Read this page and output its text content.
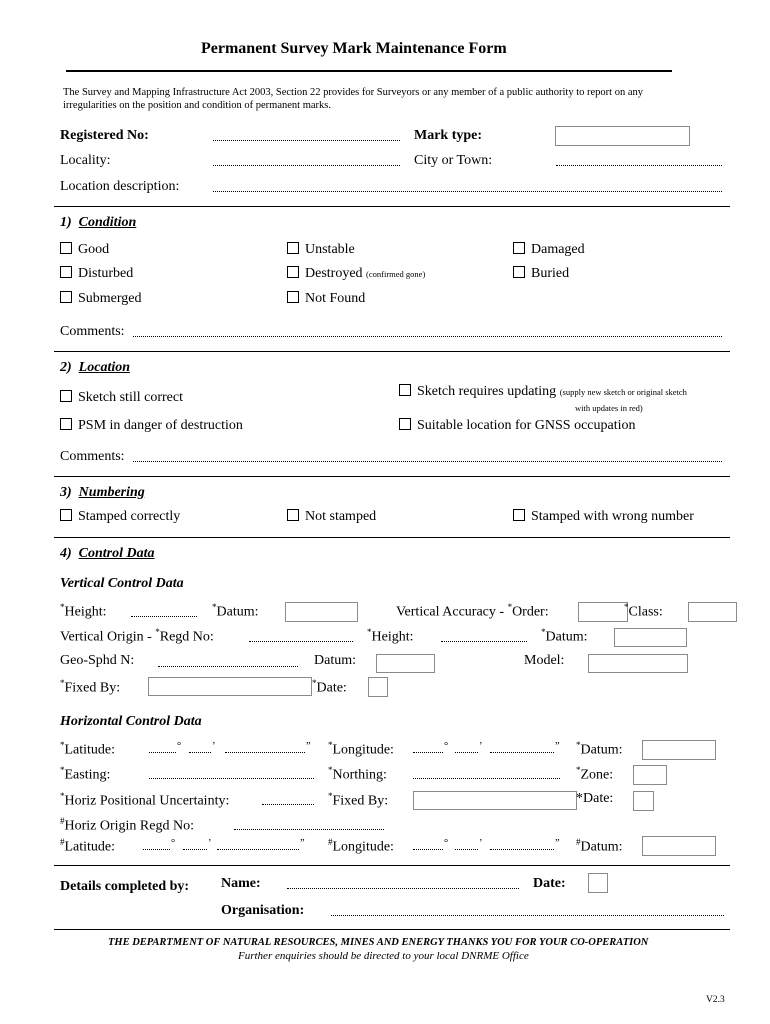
Permanent Survey Mark Maintenance Form
The Survey and Mapping Infrastructure Act 2003, Section 22 provides for Surveyors or any member of a public authority to report on any
irregularities on the position and condition of permanent marks.
Registered No:	Mark type:
Locality:	City or Town:
Location description:
1) Condition
Good	Unstable	Damaged
Disturbed	Destroyed (confirmed gone)	Buried
Submerged	Not Found
Comments:
2) Location
Sketch still correct	Sketch requires updating (supply new sketch or original sketch
with updates in red)
PSM in danger of destruction	Suitable location for GNSS occupation
Comments:
3) Numbering
Stamped correctly	Not stamped	Stamped with wrong number
4) Control Data
Vertical Control Data
*Height:	*Datum:	Vertical Accuracy - *Order:	*Class:
Vertical Origin - *Regd No:	*Height:	*Datum:
Geo-Sphd N:	Datum:	Model:
*Fixed By:	*Date:
Horizontal Control Data
*Latitude:	°	’	” *Longitude:	°	’	” *Datum:
*Easting:	*Northing:	*Zone:
*Horiz Positional Uncertainty:	*Fixed By:	*Date:
#Horiz Origin Regd No:
#Latitude:	°	’	”	#Longitude:	°	’	” #Datum:
Details completed by: Name:	Date:
Organisation:
THE DEPARTMENT OF NATURAL RESOURCES, MINES AND ENERGY THANKS YOU FOR YOUR CO-OPERATION
Further enquiries should be directed to your local DNRME Office
V2.3
